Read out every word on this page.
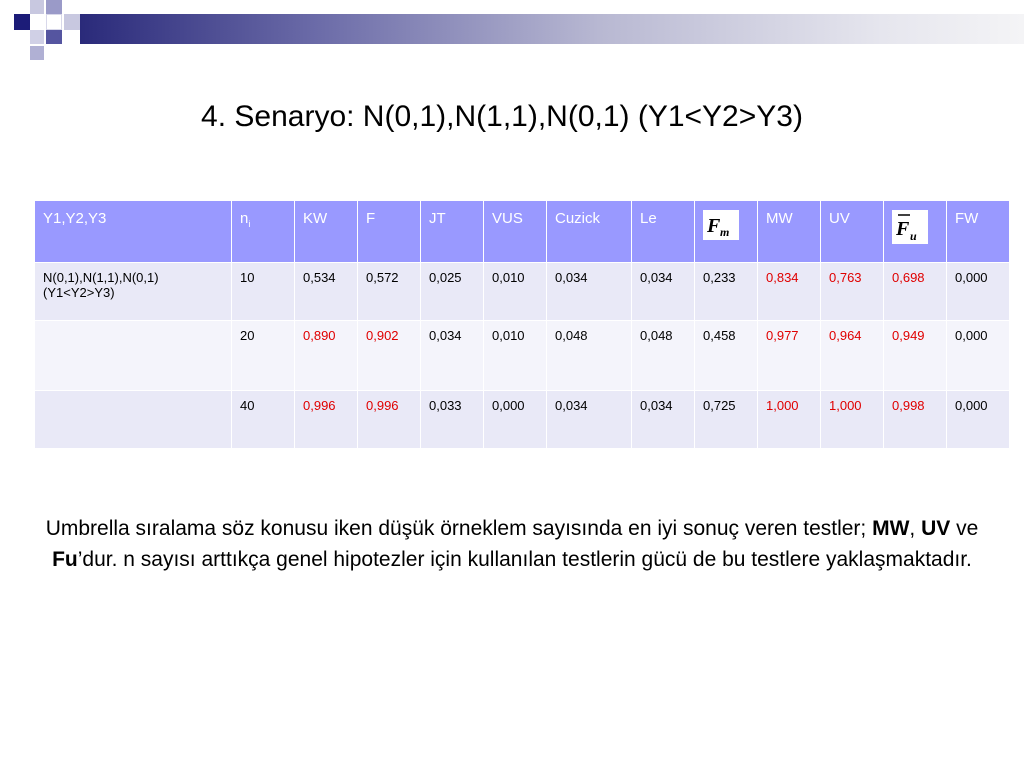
4. Senaryo: N(0,1),N(1,1),N(0,1) (Y1<Y2>Y3)
Y1,Y2,Y3	$n_i$	KW	F	JT	VUS	Cuzick	Le	F m	MW	UV	F u	FW
N(0,1),N(1,1),N(0,1) (Y1<Y2>Y3)	10	0,534	0,572	0,025	0,010	0,034	0,034	0,233	0,834	0,763	0,698	0,000
	20	0,890	0,902	0,034	0,010	0,048	0,048	0,458	0,977	0,964	0,949	0,000
	40	0,996	0,996	0,033	0,000	0,034	0,034	0,725	1,000	1,000	0,998	0,000
Umbrella sıralama söz konusu iken düşük örneklem sayısında en iyi sonuç veren testler; MW, UV ve Fu’dur. n sayısı arttıkça genel hipotezler için kullanılan testlerin gücü de bu testlere yaklaşmaktadır.
